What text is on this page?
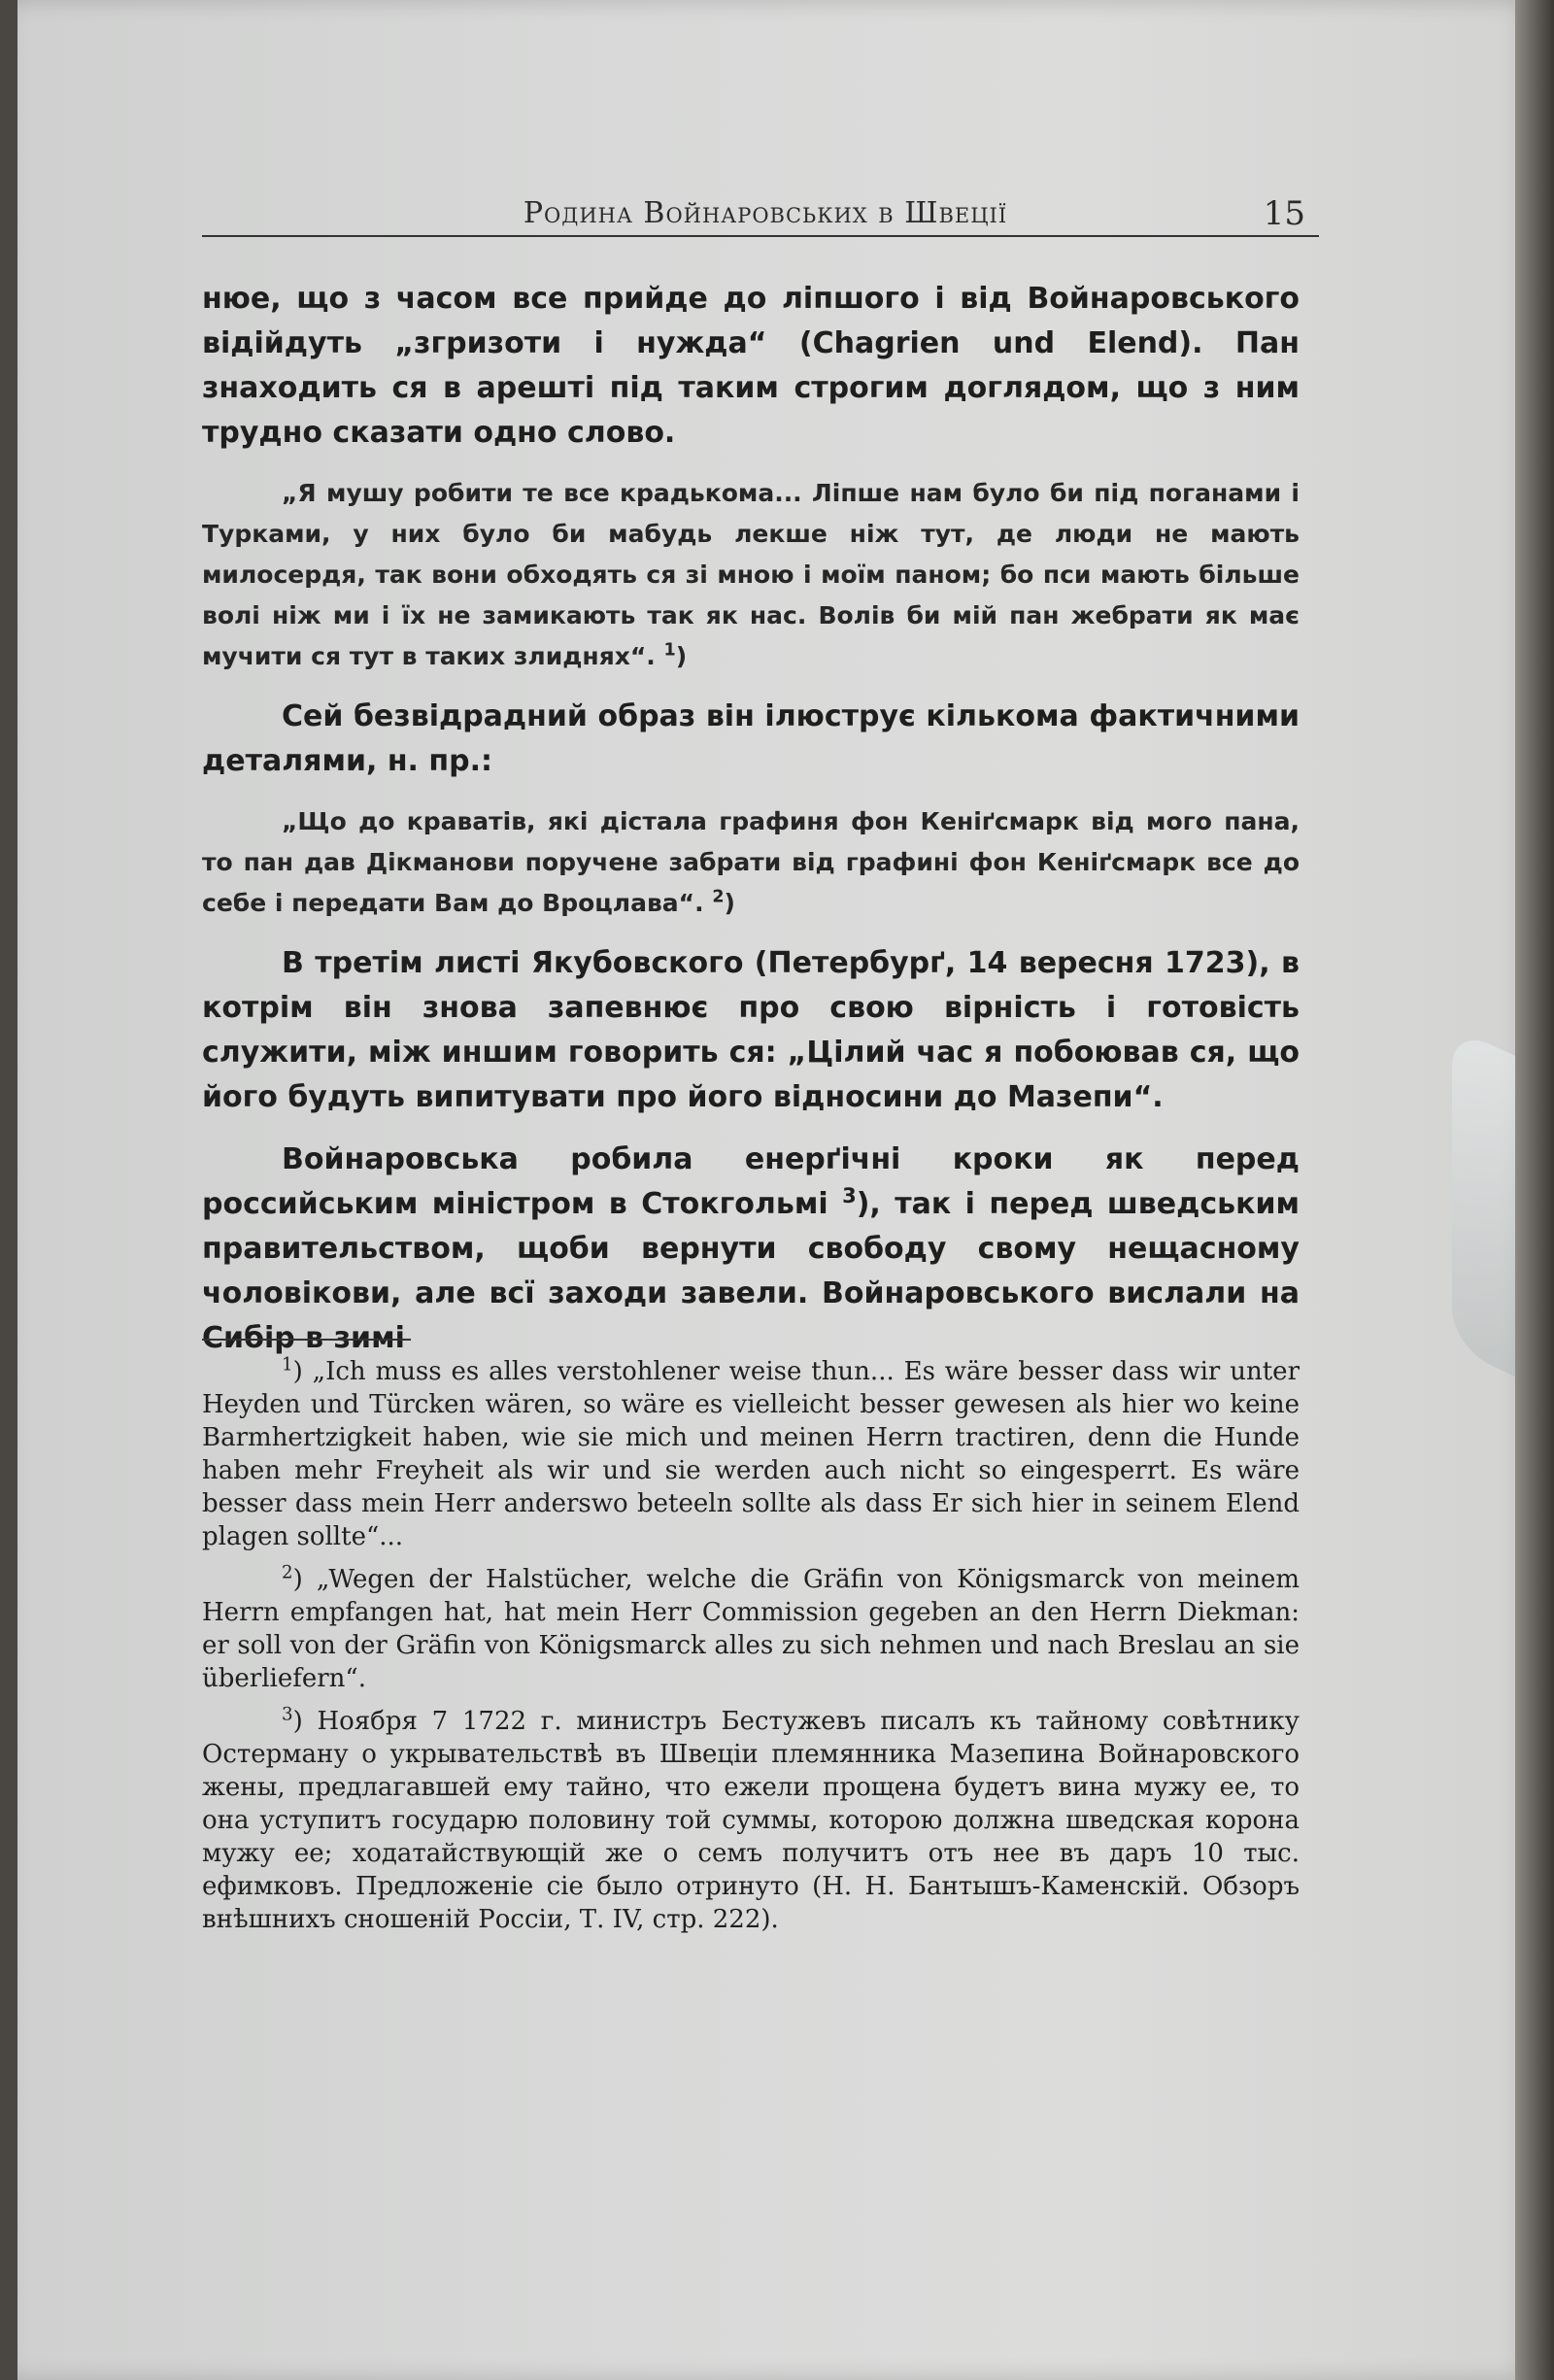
Родина Войнаровських в Швеції	15

нюе, що з часом все прийде до ліпшого і від Войнаровського відійдуть „згризоти і нужда“ (Chagrien und Elend). Пан знаходить ся в арешті під таким строгим доглядом, що з ним трудно сказати одно слово.

„Я мушу робити те все крадькома... Ліпше нам було би під поганами і Турками, у них було би мабудь лекше ніж тут, де люди не мають милосердя, так вони обходять ся зі мною і моїм паном; бо пси мають більше волі ніж ми і їх не замикають так як нас. Волів би мій пан жебрати як має мучити ся тут в таких злиднях“. $^1$)

Сей безвідрадний образ він ілюструє кількома фактичними деталями, н. пр.:

„Що до краватів, які дістала графиня фон Кеніґсмарк від мого пана, то пан дав Дікманови поручене забрати від графині фон Кеніґсмарк все до себе і передати Вам до Вроцлава“. $^2$)

В третім листі Якубовского (Петербурґ, 14 вересня 1723), в котрім він знова запевнює про свою вірність і готовість служити, між иншим говорить ся: „Цілий час я побоював ся, що його будуть випитувати про його відносини до Мазепи“.

Войнаровська робила енерґічні кроки як перед российським міністром в Стокгольмі $^3$), так і перед шведським правительством, щоби вернути свободу свому нещасному чоловікови, але всї заходи завели. Войнаровського вислали на Сибір в зимі

$^1$) „Ich muss es alles verstohlener weise thun... Es wäre besser dass wir unter Heyden und Türcken wären, so wäre es vielleicht besser gewesen als hier wo keine Barmhertzigkeit haben, wie sie mich und meinen Herrn tractiren, denn die Hunde haben mehr Freyheit als wir und sie werden auch nicht so eingesperrt. Es wäre besser dass mein Herr anderswo beteeln sollte als dass Er sich hier in seinem Elend plagen sollte“...

$^2$) „Wegen der Halstücher, welche die Gräfin von Königsmarck von meinem Herrn empfangen hat, hat mein Herr Commission gegeben an den Herrn Diekman: er soll von der Gräfin von Königsmarck alles zu sich nehmen und nach Breslau an sie überliefern“.

$^3$) Ноября 7 1722 г. министръ Бестужевъ писалъ къ тайному совѣтнику Остерману о укрывательствѣ въ Швеціи племянника Мазепина Войнаровского жены, предлагавшей ему тайно, что ежели прощена будетъ вина мужу ее, то она уступитъ государю половину той суммы, которою должна шведская корона мужу ее; ходатайствующій же о семъ получитъ отъ нее въ даръ 10 тыс. ефимковъ. Предложеніе сіе было отринуто (Н. Н. Бантышъ-Каменскій. Обзоръ внѣшнихъ сношеній Россіи, Т. IV, стр. 222).
